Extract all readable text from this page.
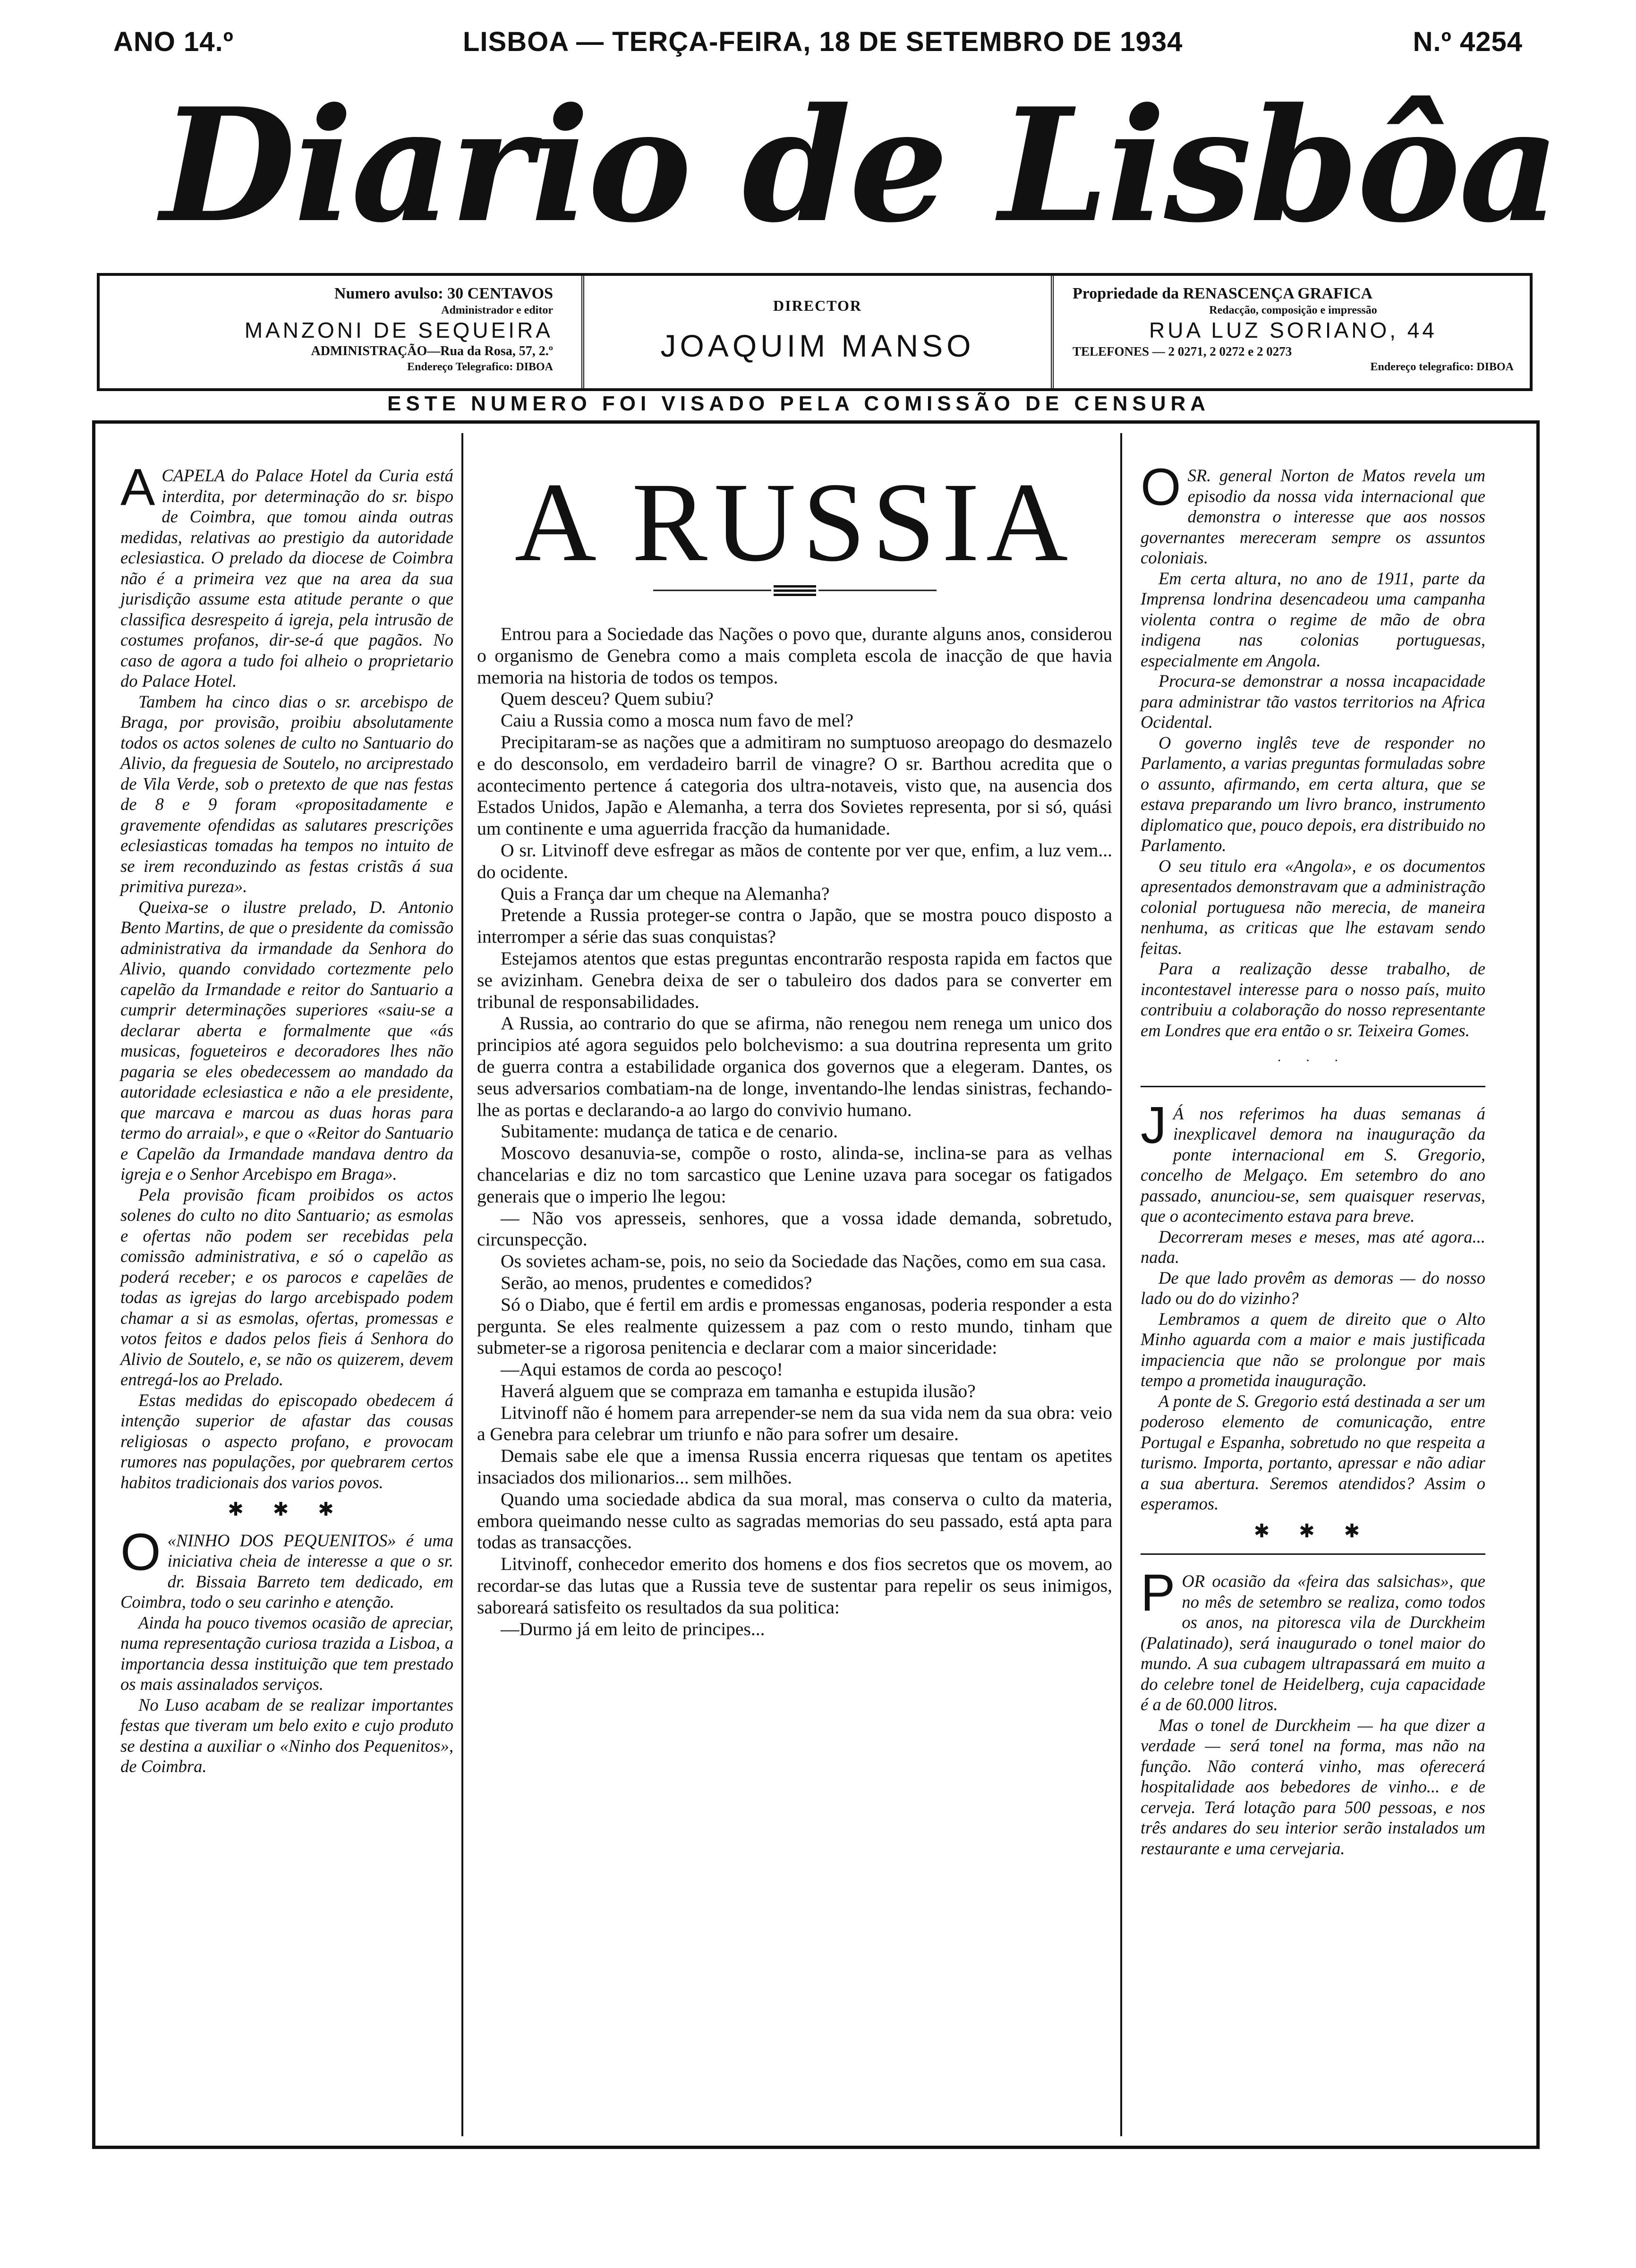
ANO 14.º	LISBOA — TERÇA-FEIRA, 18 DE SETEMBRO DE 1934	N.º 4254
Diario de Lisbôa
Numero avulso: 30 CENTAVOS
Administrador e editor
MANZONI DE SEQUEIRA
ADMINISTRAÇÃO—Rua da Rosa, 57, 2.º
Endereço Telegrafico: DIBOA
DIRECTOR
JOAQUIM MANSO
Propriedade da RENASCENÇA GRAFICA
Redacção, composição e impressão
RUA LUZ SORIANO, 44
TELEFONES — 2 0271, 2 0272 e 2 0273
Endereço telegrafico: DIBOA
ESTE NUMERO FOI VISADO PELA COMISSÃO DE CENSURA

ACAPELA do Palace Hotel da Curia está interdita, por determinação do sr. bispo de Coimbra, que tomou ainda outras medidas, relativas ao prestigio da autoridade eclesiastica. O prelado da diocese de Coimbra não é a primeira vez que na area da sua jurisdição assume esta atitude perante o que classifica desrespeito á igreja, pela intrusão de costumes profanos, dir-se-á que pagãos. No caso de agora a tudo foi alheio o proprietario do Palace Hotel.

Tambem ha cinco dias o sr. arcebispo de Braga, por provisão, proibiu absolutamente todos os actos solenes de culto no Santuario do Alivio, da freguesia de Soutelo, no arciprestado de Vila Verde, sob o pretexto de que nas festas de 8 e 9 foram «propositadamente e gravemente ofendidas as salutares prescrições eclesiasticas tomadas ha tempos no intuito de se irem reconduzindo as festas cristãs á sua primitiva pureza».

Queixa-se o ilustre prelado, D. Antonio Bento Martins, de que o presidente da comissão administrativa da irmandade da Senhora do Alivio, quando convidado cortezmente pelo capelão da Irmandade e reitor do Santuario a cumprir determinações superiores «saiu-se a declarar aberta e formalmente que «ás musicas, fogueteiros e decoradores lhes não pagaria se eles obedecessem ao mandado da autoridade eclesiastica e não a ele presidente, que marcava e marcou as duas horas para termo do arraial», e que o «Reitor do Santuario e Capelão da Irmandade mandava dentro da igreja e o Senhor Arcebispo em Braga».

Pela provisão ficam proibidos os actos solenes do culto no dito Santuario; as esmolas e ofertas não podem ser recebidas pela comissão administrativa, e só o capelão as poderá receber; e os parocos e capelães de todas as igrejas do largo arcebispado podem chamar a si as esmolas, ofertas, promessas e votos feitos e dados pelos fieis á Senhora do Alivio de Soutelo, e, se não os quizerem, devem entregá-los ao Prelado.

Estas medidas do episcopado obedecem á intenção superior de afastar das cousas religiosas o aspecto profano, e provocam rumores nas populações, por quebrarem certos habitos tradicionais dos varios povos.

✱ ✱ ✱

O «NINHO DOS PEQUENITOS» é uma iniciativa cheia de interesse a que o sr. dr. Bissaia Barreto tem dedicado, em Coimbra, todo o seu carinho e atenção.

Ainda ha pouco tivemos ocasião de apreciar, numa representação curiosa trazida a Lisboa, a importancia dessa instituição que tem prestado os mais assinalados serviços.

No Luso acabam de se realizar importantes festas que tiveram um belo exito e cujo produto se destina a auxiliar o «Ninho dos Pequenitos», de Coimbra.

A RUSSIA

Entrou para a Sociedade das Nações o povo que, durante alguns anos, considerou o organismo de Genebra como a mais completa escola de inacção de que havia memoria na historia de todos os tempos.

Quem desceu? Quem subiu?

Caiu a Russia como a mosca num favo de mel?

Precipitaram-se as nações que a admitiram no sumptuoso areopago do desmazelo e do desconsolo, em verdadeiro barril de vinagre? O sr. Barthou acredita que o acontecimento pertence á categoria dos ultra-notaveis, visto que, na ausencia dos Estados Unidos, Japão e Alemanha, a terra dos Sovietes representa, por si só, quási um continente e uma aguerrida fracção da humanidade.

O sr. Litvinoff deve esfregar as mãos de contente por ver que, enfim, a luz vem... do ocidente.

Quis a França dar um cheque na Alemanha?

Pretende a Russia proteger-se contra o Japão, que se mostra pouco disposto a interromper a série das suas conquistas?

Estejamos atentos que estas preguntas encontrarão resposta rapida em factos que se avizinham. Genebra deixa de ser o tabuleiro dos dados para se converter em tribunal de responsabilidades.

A Russia, ao contrario do que se afirma, não renegou nem renega um unico dos principios até agora seguidos pelo bolchevismo: a sua doutrina representa um grito de guerra contra a estabilidade organica dos governos que a elegeram. Dantes, os seus adversarios combatiam-na de longe, inventando-lhe lendas sinistras, fechando-lhe as portas e declarando-a ao largo do convivio humano.

Subitamente: mudança de tatica e de cenario.

Moscovo desanuvia-se, compõe o rosto, alinda-se, inclina-se para as velhas chancelarias e diz no tom sarcastico que Lenine uzava para socegar os fatigados generais que o imperio lhe legou:

— Não vos apresseis, senhores, que a vossa idade demanda, sobretudo, circunspecção.

Os sovietes acham-se, pois, no seio da Sociedade das Nações, como em sua casa.

Serão, ao menos, prudentes e comedidos?

Só o Diabo, que é fertil em ardis e promessas enganosas, poderia responder a esta pergunta. Se eles realmente quizessem a paz com o resto mundo, tinham que submeter-se a rigorosa penitencia e declarar com a maior sinceridade:

—Aqui estamos de corda ao pescoço!

Haverá alguem que se compraza em tamanha e estupida ilusão?

Litvinoff não é homem para arrepender-se nem da sua vida nem da sua obra: veio a Genebra para celebrar um triunfo e não para sofrer um desaire.

Demais sabe ele que a imensa Russia encerra riquesas que tentam os apetites insaciados dos milionarios... sem milhões.

Quando uma sociedade abdica da sua moral, mas conserva o culto da materia, embora queimando nesse culto as sagradas memorias do seu passado, está apta para todas as transacções.

Litvinoff, conhecedor emerito dos homens e dos fios secretos que os movem, ao recordar-se das lutas que a Russia teve de sustentar para repelir os seus inimigos, saboreará satisfeito os resultados da sua politica:

—Durmo já em leito de principes...

OSR. general Norton de Matos revela um episodio da nossa vida internacional que demonstra o interesse que aos nossos governantes mereceram sempre os assuntos coloniais.

Em certa altura, no ano de 1911, parte da Imprensa londrina desencadeou uma campanha violenta contra o regime de mão de obra indigena nas colonias portuguesas, especialmente em Angola.

Procura-se demonstrar a nossa incapacidade para administrar tão vastos territorios na Africa Ocidental.

O governo inglês teve de responder no Parlamento, a varias preguntas formuladas sobre o assunto, afirmando, em certa altura, que se estava preparando um livro branco, instrumento diplomatico que, pouco depois, era distribuido no Parlamento.

O seu titulo era «Angola», e os documentos apresentados demonstravam que a administração colonial portuguesa não merecia, de maneira nenhuma, as criticas que lhe estavam sendo feitas.

Para a realização desse trabalho, de incontestavel interesse para o nosso país, muito contribuiu a colaboração do nosso representante em Londres que era então o sr. Teixeira Gomes.

· · ·

J Á nos referimos ha duas semanas á inexplicavel demora na inauguração da ponte internacional em S. Gregorio, concelho de Melgaço. Em setembro do ano passado, anunciou-se, sem quaisquer reservas, que o acontecimento estava para breve.

Decorreram meses e meses, mas até agora... nada.

De que lado provêm as demoras — do nosso lado ou do do vizinho?

Lembramos a quem de direito que o Alto Minho aguarda com a maior e mais justificada impaciencia que não se prolongue por mais tempo a prometida inauguração.

A ponte de S. Gregorio está destinada a ser um poderoso elemento de comunicação, entre Portugal e Espanha, sobretudo no que respeita a turismo. Importa, portanto, apressar e não adiar a sua abertura. Seremos atendidos? Assim o esperamos.

✱ ✱ ✱

POR ocasião da «feira das salsichas», que no mês de setembro se realiza, como todos os anos, na pitoresca vila de Durckheim (Palatinado), será inaugurado o tonel maior do mundo. A sua cubagem ultrapassará em muito a do celebre tonel de Heidelberg, cuja capacidade é a de 60.000 litros.

Mas o tonel de Durckheim — ha que dizer a verdade — será tonel na forma, mas não na função. Não conterá vinho, mas oferecerá hospitalidade aos bebedores de vinho... e de cerveja. Terá lotação para 500 pessoas, e nos três andares do seu interior serão instalados um restaurante e uma cervejaria.
